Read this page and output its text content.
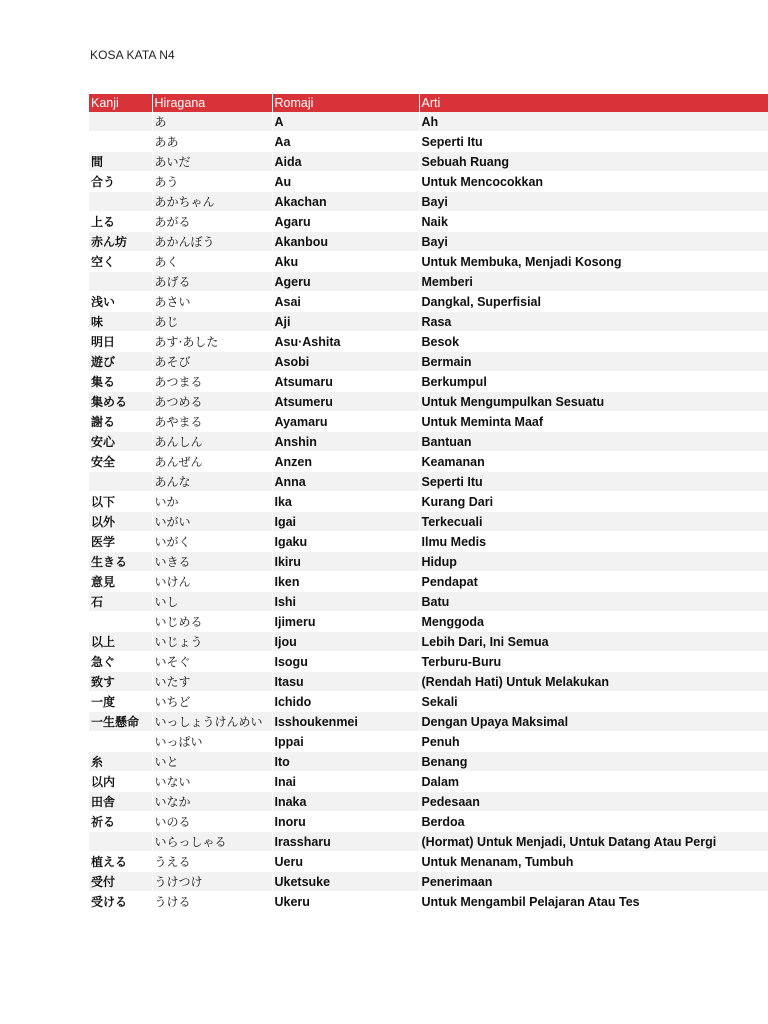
KOSA KATA N4
Kanji	Hiragana	Romaji	Arti
	あ	A	Ah
	ああ	Aa	Seperti Itu
間	あいだ	Aida	Sebuah Ruang
合う	あう	Au	Untuk Mencocokkan
	あかちゃん	Akachan	Bayi
上る	あがる	Agaru	Naik
赤ん坊	あかんぼう	Akanbou	Bayi
空く	あく	Aku	Untuk Membuka, Menjadi Kosong
	あげる	Ageru	Memberi
浅い	あさい	Asai	Dangkal, Superfisial
味	あじ	Aji	Rasa
明日	あす·あした	Asu·Ashita	Besok
遊び	あそび	Asobi	Bermain
集る	あつまる	Atsumaru	Berkumpul
集める	あつめる	Atsumeru	Untuk Mengumpulkan Sesuatu
謝る	あやまる	Ayamaru	Untuk Meminta Maaf
安心	あんしん	Anshin	Bantuan
安全	あんぜん	Anzen	Keamanan
	あんな	Anna	Seperti Itu
以下	いか	Ika	Kurang Dari
以外	いがい	Igai	Terkecuali
医学	いがく	Igaku	Ilmu Medis
生きる	いきる	Ikiru	Hidup
意見	いけん	Iken	Pendapat
石	いし	Ishi	Batu
	いじめる	Ijimeru	Menggoda
以上	いじょう	Ijou	Lebih Dari, Ini Semua
急ぐ	いそぐ	Isogu	Terburu-Buru
致す	いたす	Itasu	(Rendah Hati) Untuk Melakukan
一度	いちど	Ichido	Sekali
一生懸命	いっしょうけんめい	Isshoukenmei	Dengan Upaya Maksimal
	いっぱい	Ippai	Penuh
糸	いと	Ito	Benang
以内	いない	Inai	Dalam
田舎	いなか	Inaka	Pedesaan
祈る	いのる	Inoru	Berdoa
	いらっしゃる	Irassharu	(Hormat) Untuk Menjadi, Untuk Datang Atau Pergi
植える	うえる	Ueru	Untuk Menanam, Tumbuh
受付	うけつけ	Uketsuke	Penerimaan
受ける	うける	Ukeru	Untuk Mengambil Pelajaran Atau Tes
